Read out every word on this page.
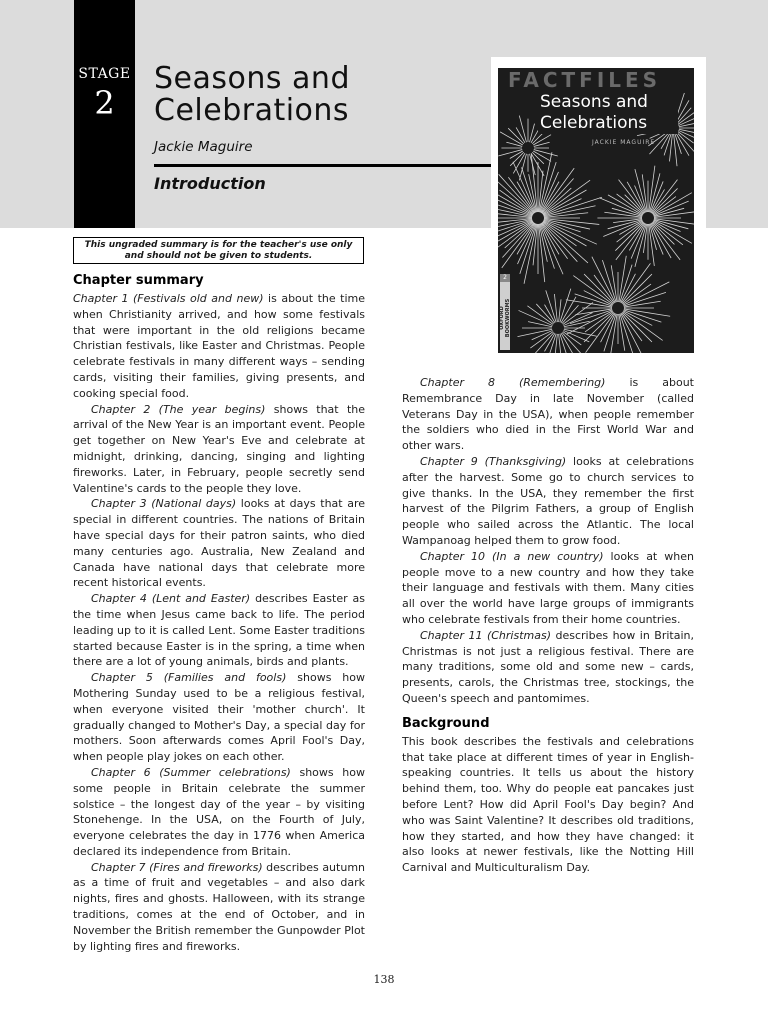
STAGE
2
Seasons and
Celebrations
Jackie Maguire
Introduction
FACTFILES
Seasons and
Celebrations
JACKIE MAGUIRE
2
OXFORD BOOKWORMS
This ungraded summary is for the teacher's use only
and should not be given to students.
Chapter summary

Chapter 1 (Festivals old and new) is about the time when Christianity arrived, and how some festivals that were important in the old religions became Christian festivals, like Easter and Christmas. People celebrate festivals in many different ways – sending cards, visiting their families, giving presents, and cooking special food.

Chapter 2 (The year begins) shows that the arrival of the New Year is an important event. People get together on New Year's Eve and celebrate at midnight, drinking, dancing, singing and lighting fireworks. Later, in February, people secretly send Valentine's cards to the people they love.

Chapter 3 (National days) looks at days that are special in different countries. The nations of Britain have special days for their patron saints, who died many centuries ago. Australia, New Zealand and Canada have national days that celebrate more recent historical events.

Chapter 4 (Lent and Easter) describes Easter as the time when Jesus came back to life. The period leading up to it is called Lent. Some Easter traditions started because Easter is in the spring, a time when there are a lot of young animals, birds and plants.

Chapter 5 (Families and fools) shows how Mothering Sunday used to be a religious festival, when everyone visited their 'mother church'. It gradually changed to Mother's Day, a special day for mothers. Soon afterwards comes April Fool's Day, when people play jokes on each other.

Chapter 6 (Summer celebrations) shows how some people in Britain celebrate the summer solstice – the longest day of the year – by visiting Stonehenge. In the USA, on the Fourth of July, everyone celebrates the day in 1776 when America declared its independence from Britain.

Chapter 7 (Fires and fireworks) describes autumn as a time of fruit and vegetables – and also dark nights, fires and ghosts. Halloween, with its strange traditions, comes at the end of October, and in November the British remember the Gunpowder Plot by lighting fires and fireworks.

Chapter 8 (Remembering) is about Remembrance Day in late November (called Veterans Day in the USA), when people remember the soldiers who died in the First World War and other wars.

Chapter 9 (Thanksgiving) looks at celebrations after the harvest. Some go to church services to give thanks. In the USA, they remember the first harvest of the Pilgrim Fathers, a group of English people who sailed across the Atlantic. The local Wampanoag helped them to grow food.

Chapter 10 (In a new country) looks at when people move to a new country and how they take their language and festivals with them. Many cities all over the world have large groups of immigrants who celebrate festivals from their home countries.

Chapter 11 (Christmas) describes how in Britain, Christmas is not just a religious festival. There are many traditions, some old and some new – cards, presents, carols, the Christmas tree, stockings, the Queen's speech and pantomimes.

Background

This book describes the festivals and celebrations that take place at different times of year in English-speaking countries. It tells us about the history behind them, too. Why do people eat pancakes just before Lent? How did April Fool's Day begin? And who was Saint Valentine? It describes old traditions, how they started, and how they have changed: it also looks at newer festivals, like the Notting Hill Carnival and Multiculturalism Day.

138
